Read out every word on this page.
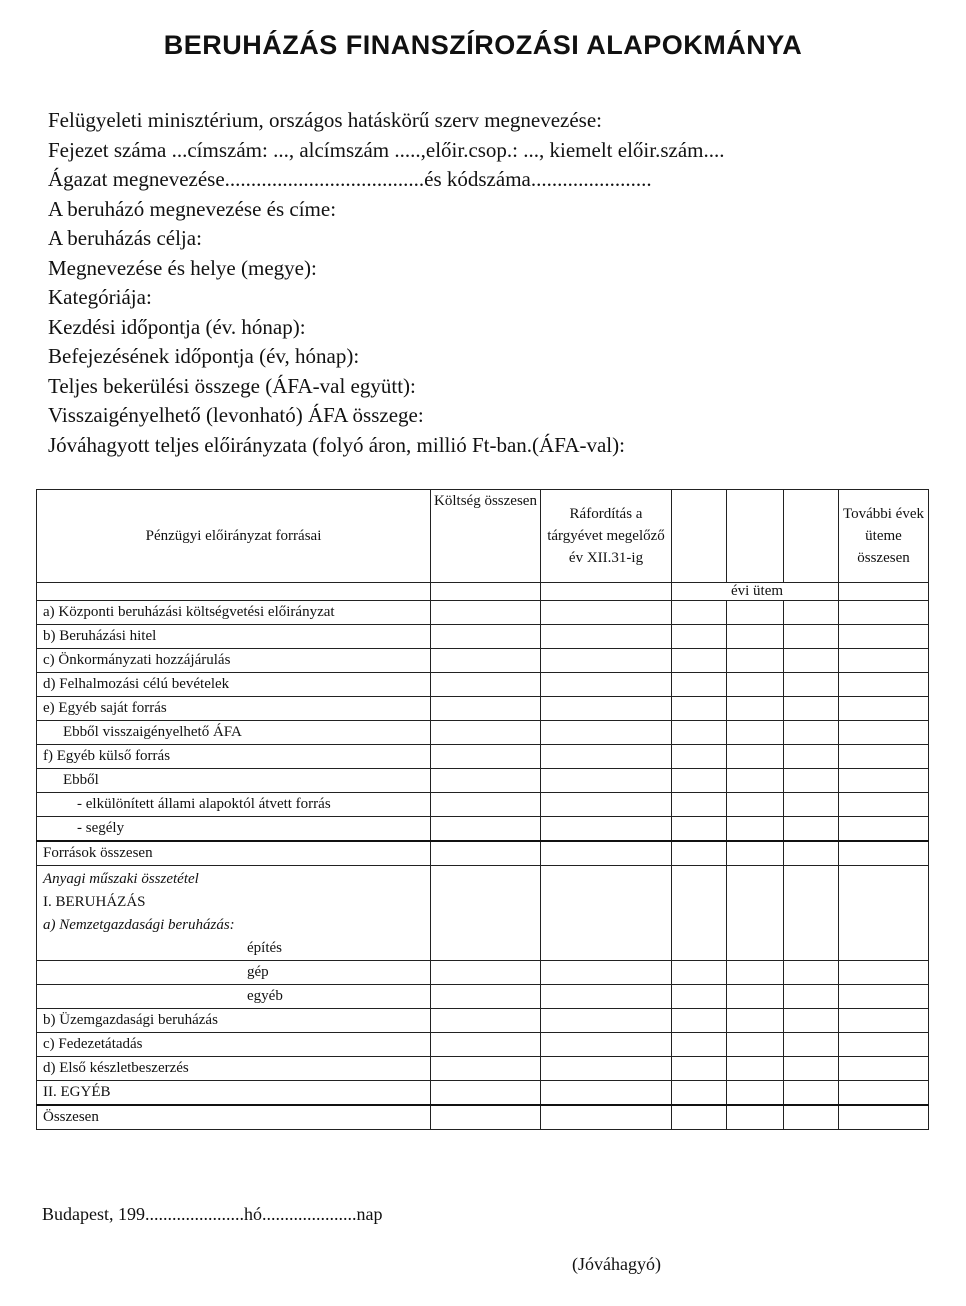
BERUHÁZÁS FINANSZÍROZÁSI ALAPOKMÁNYA
Felügyeleti minisztérium, országos hatáskörű szerv megnevezése:
Fejezet száma ...címszám: ..., alcímszám .....,előir.csop.: ..., kiemelt előir.szám....
Ágazat megnevezése......................................és kódszáma.......................
A beruházó megnevezése és címe:
A beruházás célja:
Megnevezése és helye (megye):
Kategóriája:
Kezdési időpontja (év. hónap):
Befejezésének időpontja (év, hónap):
Teljes bekerülési összege (ÁFA-val együtt):
Visszaigényelhető (levonható) ÁFA összege:
Jóváhagyott teljes előirányzata (folyó áron, millió Ft-ban.(ÁFA-val):
Pénzügyi előirányzat forrásai	Költség összesen	Ráfordítás a tárgyévet megelőző év XII.31-ig				További évek üteme összesen
			évi ütem			
a) Központi beruházási költségvetési előirányzat						
b) Beruházási hitel						
c) Önkormányzati hozzájárulás						
d) Felhalmozási célú bevételek						
e) Egyéb saját forrás						
Ebből visszaigényelhető ÁFA						
f) Egyéb külső forrás						
Ebből						
- elkülönített állami alapoktól átvett forrás						
- segély						
Források összesen						

Anyagi műszaki összetétel
I. BERUHÁZÁS
a) Nemzetgazdasági beruházás:
építés						

gép						
egyéb						
b) Üzemgazdasági beruházás						
c) Fedezetátadás						
d) Első készletbeszerzés						
II. EGYÉB						
Összesen						
Budapest, 199......................hó.....................nap
(Jóváhagyó)
